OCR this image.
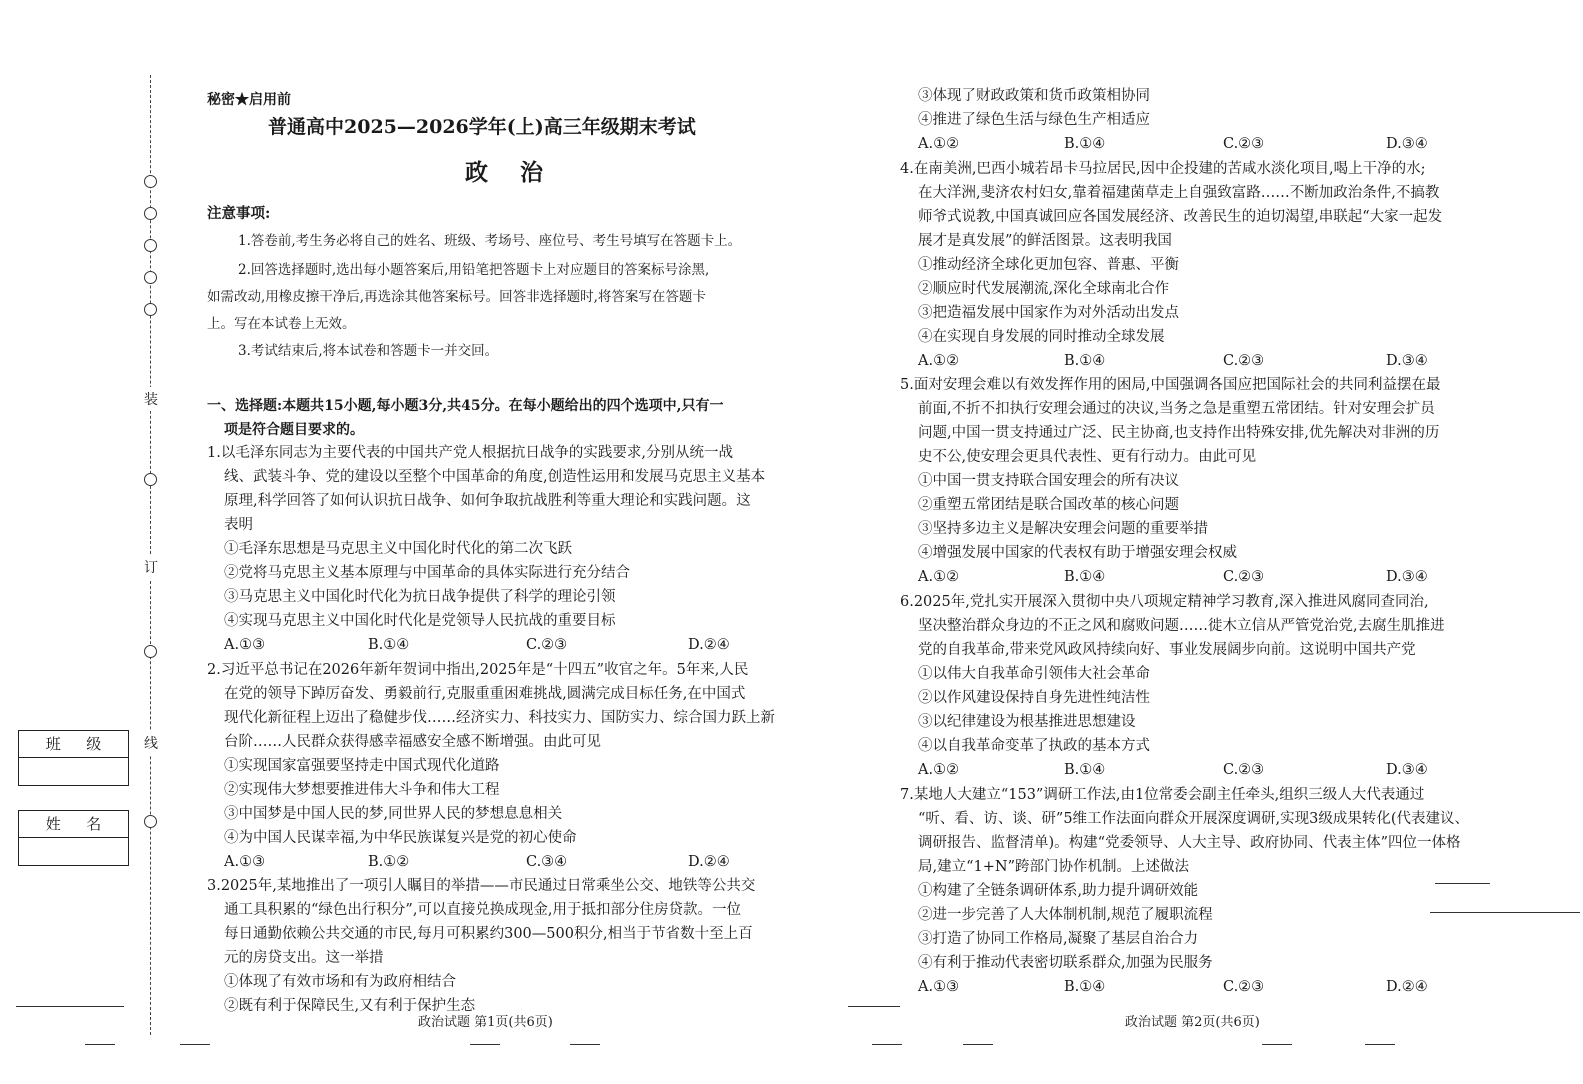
装
订
线
班 级
姓 名
秘密★启用前
普通高中2025—2026学年(上)高三年级期末考试
政 治
注意事项:
1.答卷前,考生务必将自己的姓名、班级、考场号、座位号、考生号填写在答题卡上。
2.回答选择题时,选出每小题答案后,用铅笔把答题卡上对应题目的答案标号涂黑,
如需改动,用橡皮擦干净后,再选涂其他答案标号。回答非选择题时,将答案写在答题卡
上。写在本试卷上无效。
3.考试结束后,将本试卷和答题卡一并交回。
一、选择题:本题共15小题,每小题3分,共45分。在每小题给出的四个选项中,只有一
项是符合题目要求的。
1.以毛泽东同志为主要代表的中国共产党人根据抗日战争的实践要求,分别从统一战
线、武装斗争、党的建设以至整个中国革命的角度,创造性运用和发展马克思主义基本
原理,科学回答了如何认识抗日战争、如何争取抗战胜利等重大理论和实践问题。这
表明
①毛泽东思想是马克思主义中国化时代化的第二次飞跃
②党将马克思主义基本原理与中国革命的具体实际进行充分结合
③马克思主义中国化时代化为抗日战争提供了科学的理论引领
④实现马克思主义中国化时代化是党领导人民抗战的重要目标
A.①③	B.①④	C.②③	D.②④
2.习近平总书记在2026年新年贺词中指出,2025年是“十四五”收官之年。5年来,人民
在党的领导下踔厉奋发、勇毅前行,克服重重困难挑战,圆满完成目标任务,在中国式
现代化新征程上迈出了稳健步伐……经济实力、科技实力、国防实力、综合国力跃上新
台阶……人民群众获得感幸福感安全感不断增强。由此可见
①实现国家富强要坚持走中国式现代化道路
②实现伟大梦想要推进伟大斗争和伟大工程
③中国梦是中国人民的梦,同世界人民的梦想息息相关
④为中国人民谋幸福,为中华民族谋复兴是党的初心使命
A.①③	B.①②	C.③④	D.②④
3.2025年,某地推出了一项引人瞩目的举措——市民通过日常乘坐公交、地铁等公共交
通工具积累的“绿色出行积分”,可以直接兑换成现金,用于抵扣部分住房贷款。一位
每日通勤依赖公共交通的市民,每月可积累约300—500积分,相当于节省数十至上百
元的房贷支出。这一举措
①体现了有效市场和有为政府相结合
②既有利于保障民生,又有利于保护生态
③体现了财政政策和货币政策相协同
④推进了绿色生活与绿色生产相适应
A.①②	B.①④	C.②③	D.③④
4.在南美洲,巴西小城若昂卡马拉居民,因中企投建的苦咸水淡化项目,喝上干净的水;
在大洋洲,斐济农村妇女,靠着福建菌草走上自强致富路……不断加政治条件,不搞教
师爷式说教,中国真诚回应各国发展经济、改善民生的迫切渴望,串联起“大家一起发
展才是真发展”的鲜活图景。这表明我国
①推动经济全球化更加包容、普惠、平衡
②顺应时代发展潮流,深化全球南北合作
③把造福发展中国家作为对外活动出发点
④在实现自身发展的同时推动全球发展
A.①②	B.①④	C.②③	D.③④
5.面对安理会难以有效发挥作用的困局,中国强调各国应把国际社会的共同利益摆在最
前面,不折不扣执行安理会通过的决议,当务之急是重塑五常团结。针对安理会扩员
问题,中国一贯支持通过广泛、民主协商,也支持作出特殊安排,优先解决对非洲的历
史不公,使安理会更具代表性、更有行动力。由此可见
①中国一贯支持联合国安理会的所有决议
②重塑五常团结是联合国改革的核心问题
③坚持多边主义是解决安理会问题的重要举措
④增强发展中国家的代表权有助于增强安理会权威
A.①②	B.①④	C.②③	D.③④
6.2025年,党扎实开展深入贯彻中央八项规定精神学习教育,深入推进风腐同查同治,
坚决整治群众身边的不正之风和腐败问题……徙木立信从严管党治党,去腐生肌推进
党的自我革命,带来党风政风持续向好、事业发展阔步向前。这说明中国共产党
①以伟大自我革命引领伟大社会革命
②以作风建设保持自身先进性纯洁性
③以纪律建设为根基推进思想建设
④以自我革命变革了执政的基本方式
A.①②	B.①④	C.②③	D.③④
7.某地人大建立“153”调研工作法,由1位常委会副主任牵头,组织三级人大代表通过
“听、看、访、谈、研”5维工作法面向群众开展深度调研,实现3级成果转化(代表建议、
调研报告、监督清单)。构建“党委领导、人大主导、政府协同、代表主体”四位一体格
局,建立“1+N”跨部门协作机制。上述做法
①构建了全链条调研体系,助力提升调研效能
②进一步完善了人大体制机制,规范了履职流程
③打造了协同工作格局,凝聚了基层自治合力
④有利于推动代表密切联系群众,加强为民服务
A.①③	B.①④	C.②③	D.②④
政治试题 第1页(共6页)	政治试题 第2页(共6页)
